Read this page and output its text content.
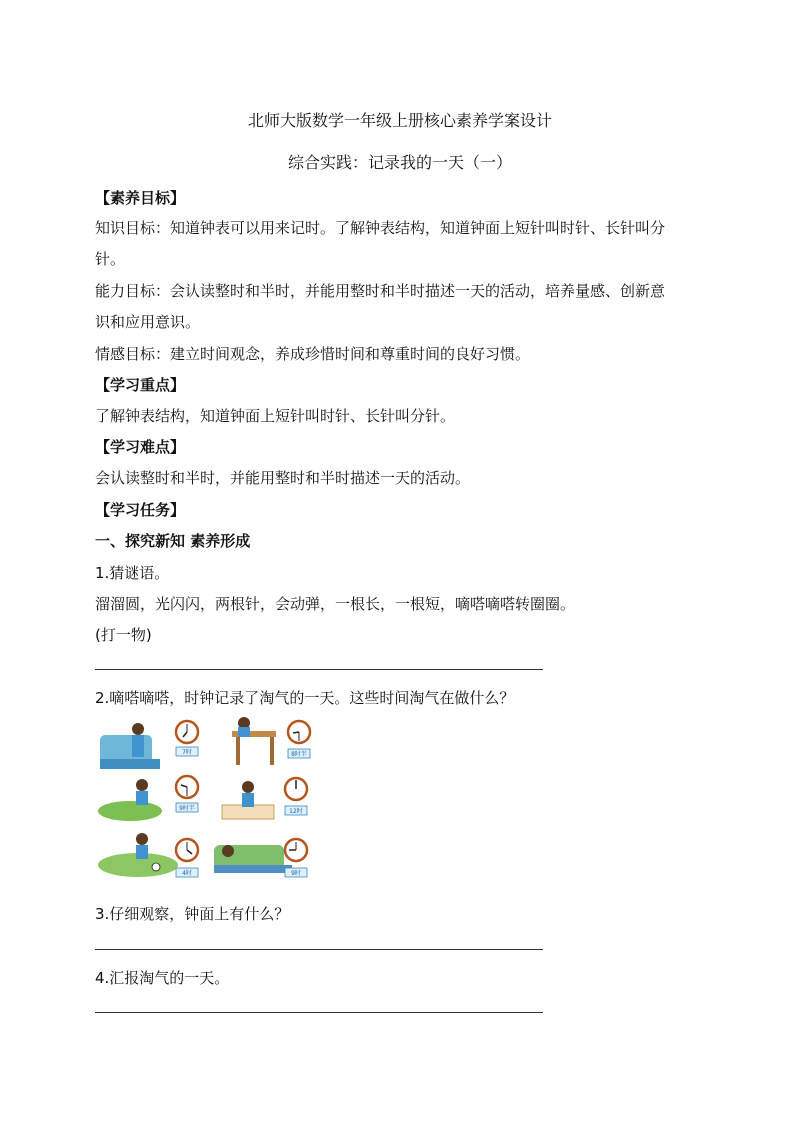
北师大版数学一年级上册核心素养学案设计
综合实践：记录我的一天（一）
【素养目标】
知识目标：知道钟表可以用来记时。了解钟表结构，知道钟面上短针叫时针、长针叫分
针。
能力目标：会认读整时和半时，并能用整时和半时描述一天的活动，培养量感、创新意
识和应用意识。
情感目标：建立时间观念，养成珍惜时间和尊重时间的良好习惯。
【学习重点】
了解钟表结构，知道钟面上短针叫时针、长针叫分针。
【学习难点】
会认读整时和半时，并能用整时和半时描述一天的活动。
【学习任务】
一、探究新知 素养形成
1.猜谜语。
溜溜圆，光闪闪，两根针，会动弹，一根长，一根短，嘀嗒嘀嗒转圈圈。
(打一物)
2.嘀嗒嘀嗒，时钟记录了淘气的一天。这些时间淘气在做什么？
7时	8时半
9时半	12时
4时	9时
3.仔细观察，钟面上有什么？
4.汇报淘气的一天。
